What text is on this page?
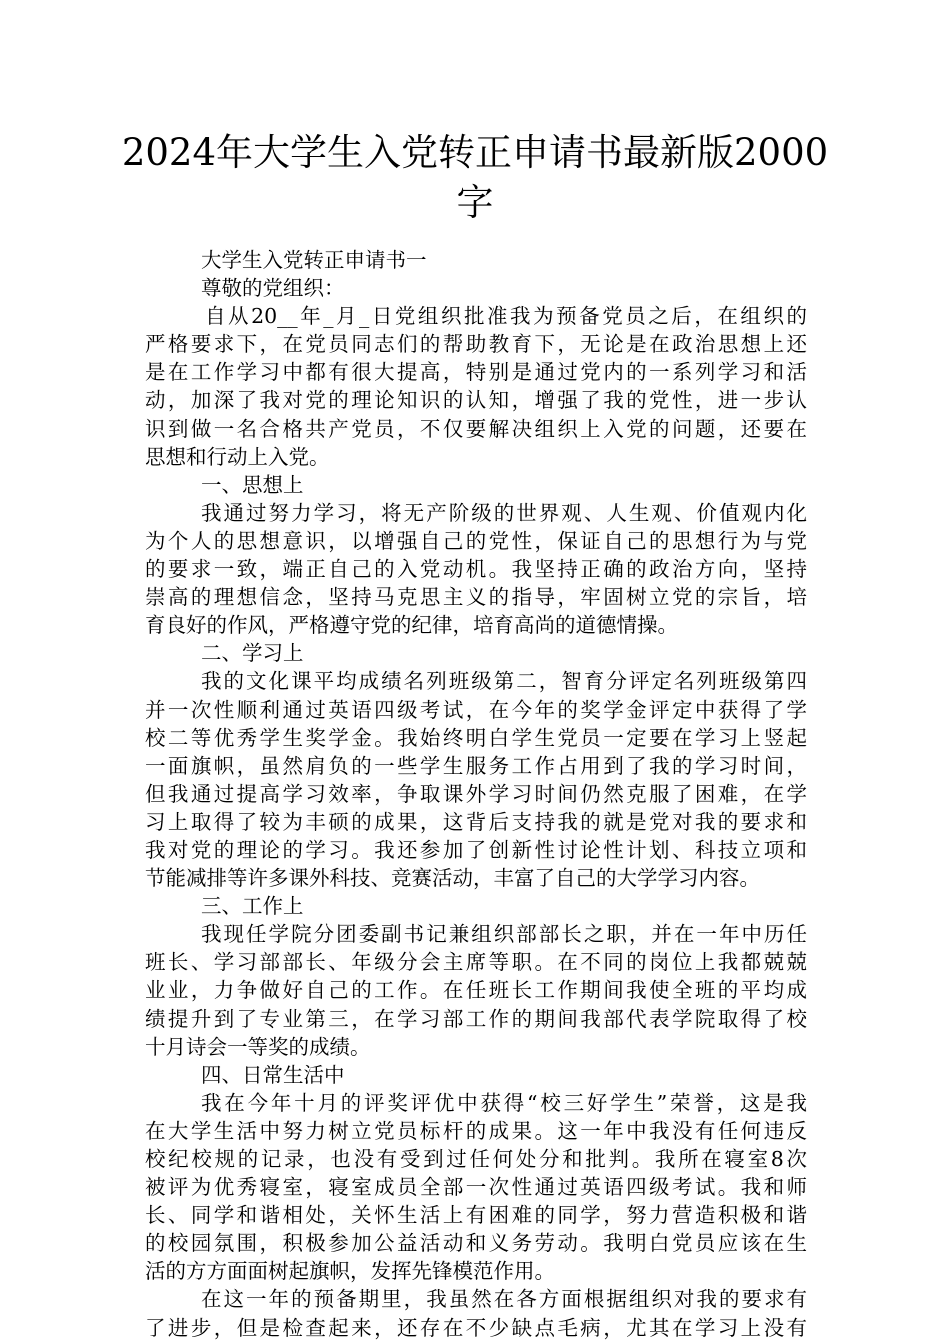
2024年大学生入党转正申请书最新版2000
字
大学生入党转正申请书一
尊敬的党组织：
自从20__年_月_日党组织批准我为预备党员之后，在组织的
严格要求下，在党员同志们的帮助教育下，无论是在政治思想上还
是在工作学习中都有很大提高，特别是通过党内的一系列学习和活
动，加深了我对党的理论知识的认知，增强了我的党性，进一步认
识到做一名合格共产党员，不仅要解决组织上入党的问题，还要在
思想和行动上入党。
一、思想上
我通过努力学习，将无产阶级的世界观、人生观、价值观内化
为个人的思想意识，以增强自己的党性，保证自己的思想行为与党
的要求一致，端正自己的入党动机。我坚持正确的政治方向，坚持
崇高的理想信念，坚持马克思主义的指导，牢固树立党的宗旨，培
育良好的作风，严格遵守党的纪律，培育高尚的道德情操。
二、学习上
我的文化课平均成绩名列班级第二，智育分评定名列班级第四
并一次性顺利通过英语四级考试，在今年的奖学金评定中获得了学
校二等优秀学生奖学金。我始终明白学生党员一定要在学习上竖起
一面旗帜，虽然肩负的一些学生服务工作占用到了我的学习时间，
但我通过提高学习效率，争取课外学习时间仍然克服了困难，在学
习上取得了较为丰硕的成果，这背后支持我的就是党对我的要求和
我对党的理论的学习。我还参加了创新性讨论性计划、科技立项和
节能减排等许多课外科技、竞赛活动，丰富了自己的大学学习内容。
三、工作上
我现任学院分团委副书记兼组织部部长之职，并在一年中历任
班长、学习部部长、年级分会主席等职。在不同的岗位上我都兢兢
业业，力争做好自己的工作。在任班长工作期间我使全班的平均成
绩提升到了专业第三，在学习部工作的期间我部代表学院取得了校
十月诗会一等奖的成绩。
四、日常生活中
我在今年十月的评奖评优中获得“校三好学生”荣誉，这是我
在大学生活中努力树立党员标杆的成果。这一年中我没有任何违反
校纪校规的记录，也没有受到过任何处分和批判。我所在寝室8次
被评为优秀寝室，寝室成员全部一次性通过英语四级考试。我和师
长、同学和谐相处，关怀生活上有困难的同学，努力营造积极和谐
的校园氛围，积极参加公益活动和义务劳动。我明白党员应该在生
活的方方面面树起旗帜，发挥先锋模范作用。
在这一年的预备期里，我虽然在各方面根据组织对我的要求有
了进步，但是检查起来，还存在不少缺点毛病，尤其在学习上没有
